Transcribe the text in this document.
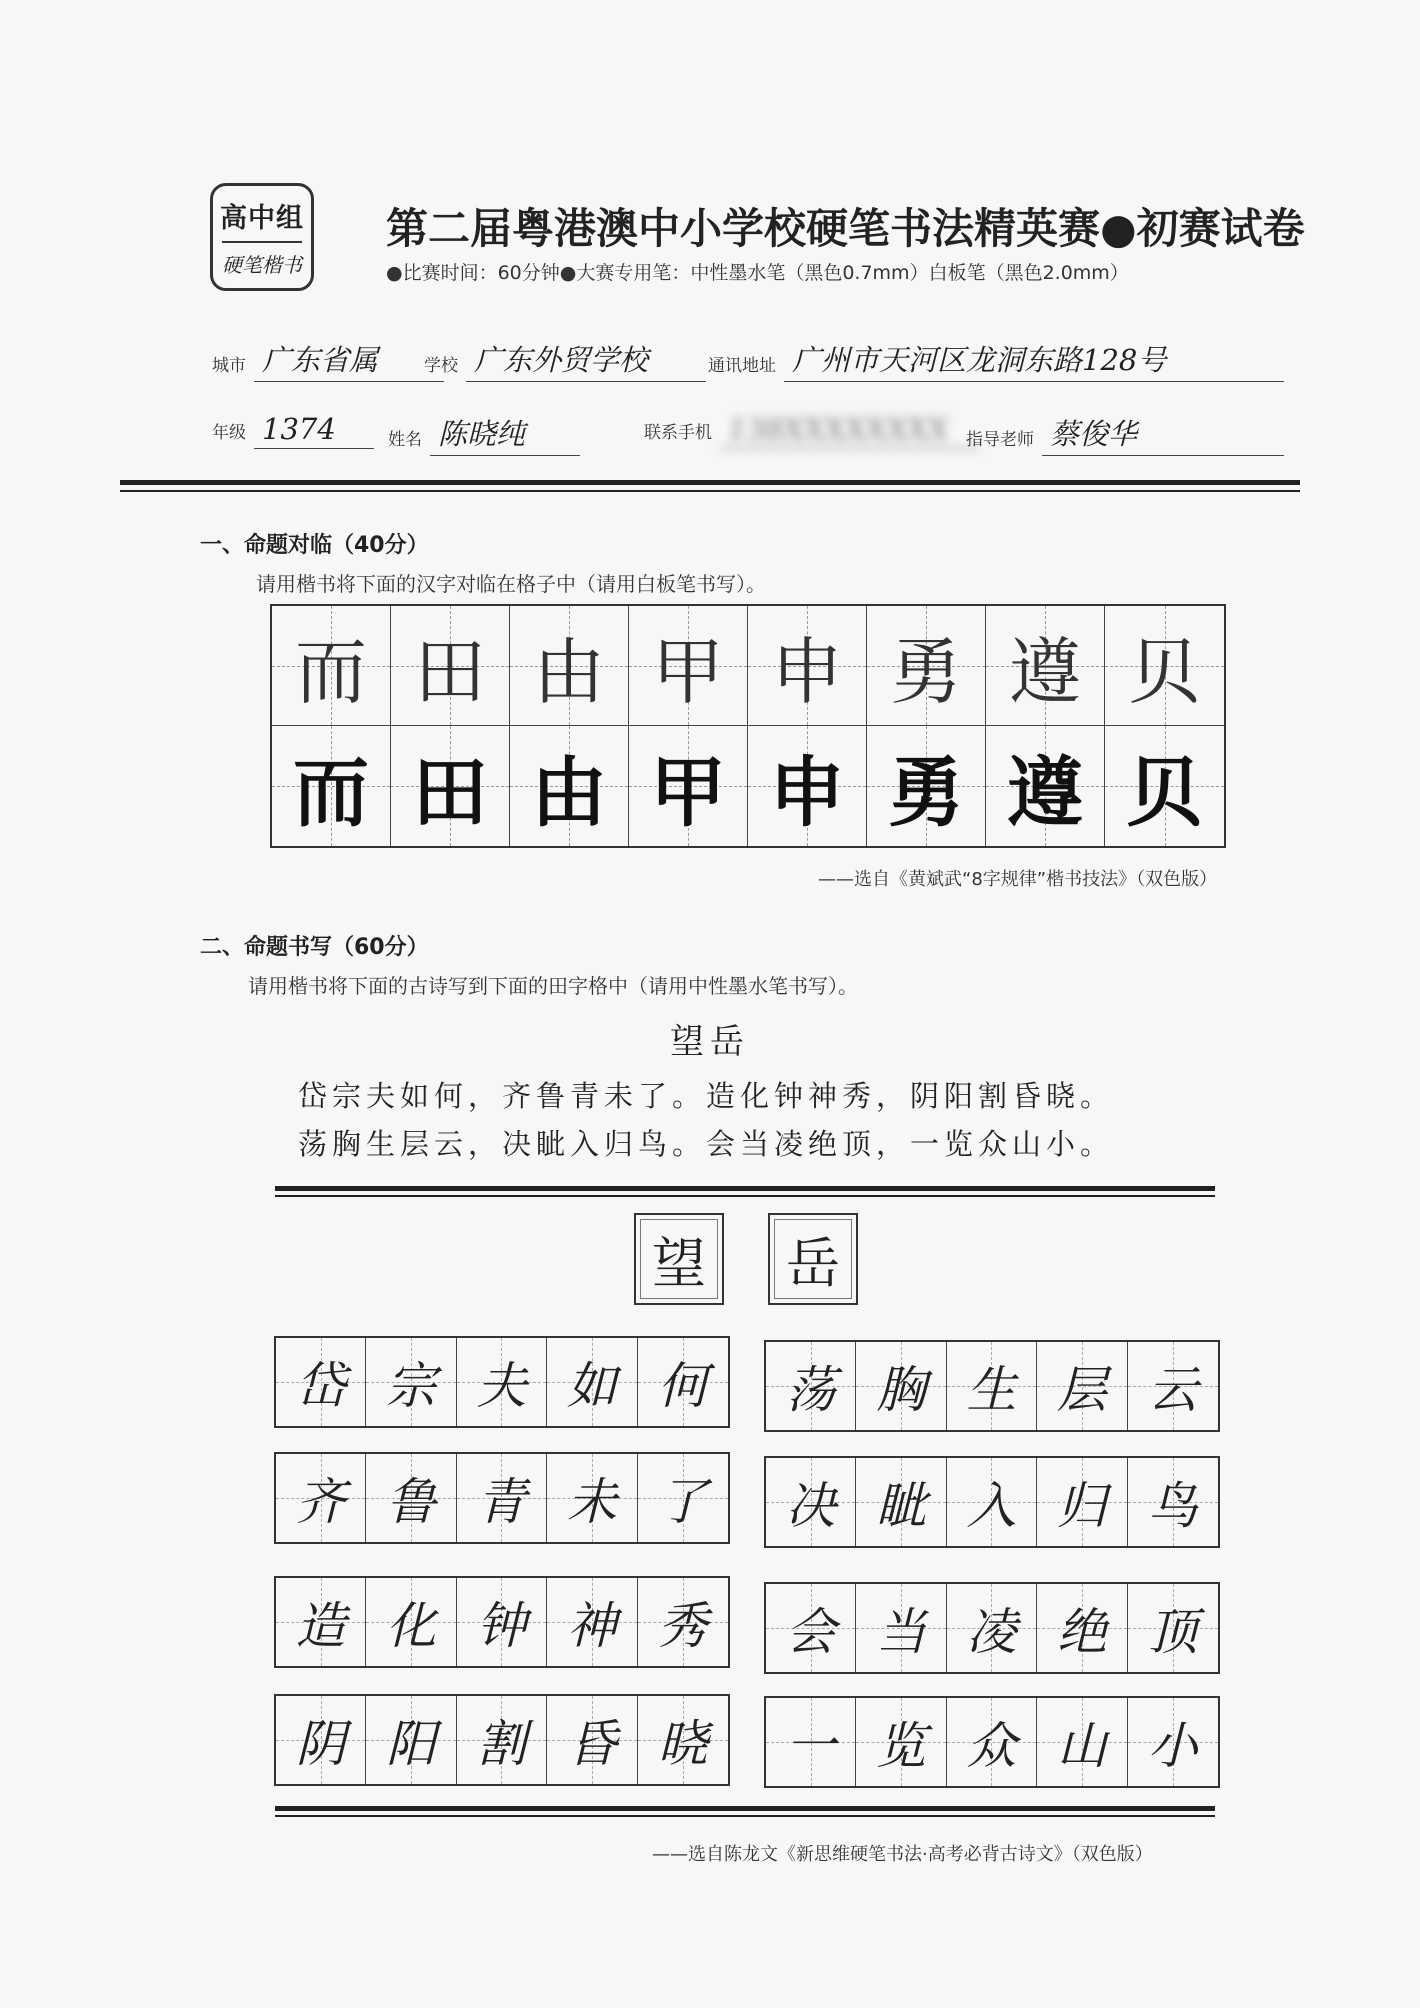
高中组
硬笔楷书
第二届粤港澳中小学校硬笔书法精英赛●初赛试卷
●比赛时间：60分钟●大赛专用笔：中性墨水笔（黑色0.7mm）白板笔（黑色2.0mm）
城市 广东省属	学校 广东外贸学校	通讯地址 广州市天河区龙洞东路128号
年级 1374	姓名 陈晓纯	联系手机 138XXXXXXXX	指导老师 蔡俊华
一、命题对临（40分）
请用楷书将下面的汉字对临在格子中（请用白板笔书写）。
而 田 由 甲 申 勇 遵 贝
而 田 由 甲 申 勇 遵 贝
——选自《黄斌武“8字规律”楷书技法》（双色版）
二、命题书写（60分）
请用楷书将下面的古诗写到下面的田字格中（请用中性墨水笔书写）。
望岳
岱宗夫如何，齐鲁青未了。造化钟神秀，阴阳割昏晓。
荡胸生层云，决眦入归鸟。会当凌绝顶，一览众山小。
望 岳
岱 宗 夫 如 何
齐 鲁 青 未 了
造 化 钟 神 秀
阴 阳 割 昏 晓
荡 胸 生 层 云
决 眦 入 归 鸟
会 当 凌 绝 顶
一 览 众 山 小
——选自陈龙文《新思维硬笔书法·高考必背古诗文》（双色版）
